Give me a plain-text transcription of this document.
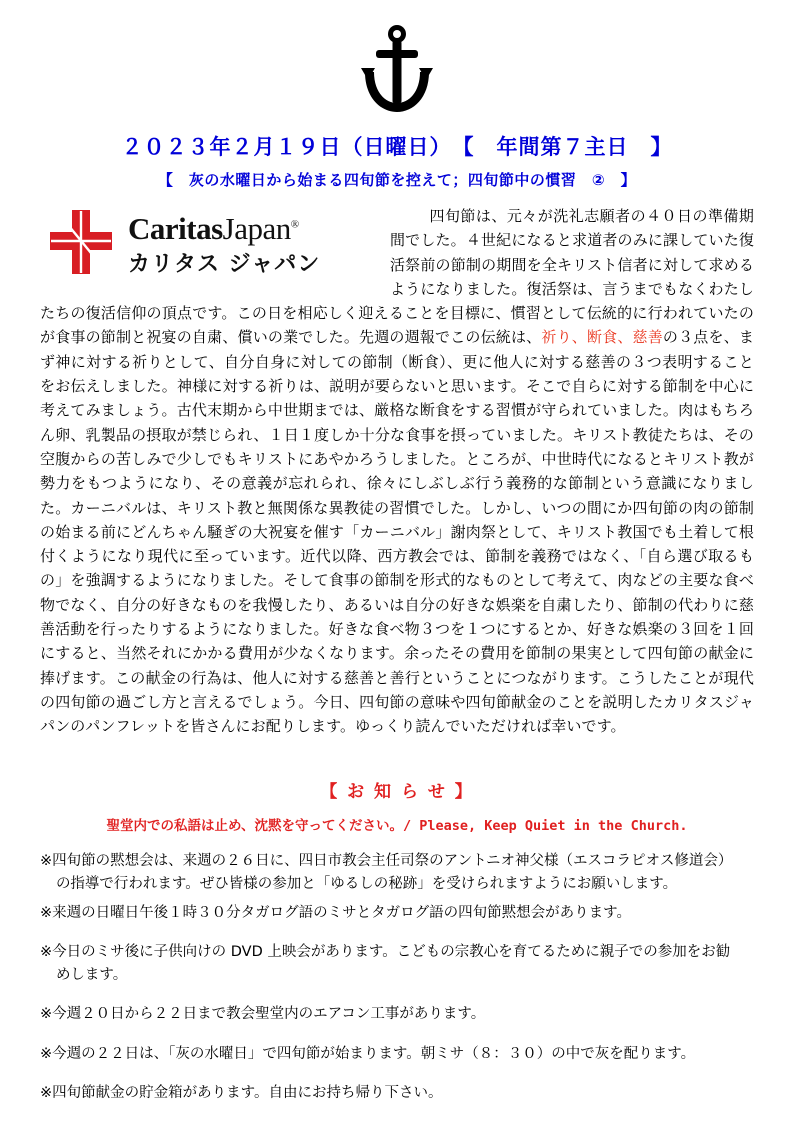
２０２３年２月１９日（日曜日）　【　年間第７主日　】
【　灰の水曜日から始まる四旬節を控えて；四旬節中の慣習　②　】
CaritasJapan®
カリタス ジャパン

　四旬節は、元々が洗礼志願者の４０日の準備期間でした。４世紀になると求道者のみに課していた復活祭前の節制の期間を全キリスト信者に対して求めるようになりました。復活祭は、言うまでもなくわたしたちの復活信仰の頂点です。この日を相応しく迎えることを目標に、慣習として伝統的に行われていたのが食事の節制と祝宴の自粛、償いの業でした。先週の週報でこの伝統は、祈り、断食、慈善の３点を、まず神に対する祈りとして、自分自身に対しての節制（断食）、更に他人に対する慈善の３つ表明することをお伝えしました。神様に対する祈りは、説明が要らないと思います。そこで自らに対する節制を中心に考えてみましょう。古代末期から中世期までは、厳格な断食をする習慣が守られていました。肉はもちろん卵、乳製品の摂取が禁じられ、１日１度しか十分な食事を摂っていました。キリスト教徒たちは、その空腹からの苦しみで少しでもキリストにあやかろうしました。ところが、中世時代になるとキリスト教が勢力をもつようになり、その意義が忘れられ、徐々にしぶしぶ行う義務的な節制という意識になりました。カーニバルは、キリスト教と無関係な異教徒の習慣でした。しかし、いつの間にか四旬節の肉の節制の始まる前にどんちゃん騒ぎの大祝宴を催す「カーニバル」謝肉祭として、キリスト教国でも土着して根付くようになり現代に至っています。近代以降、西方教会では、節制を義務ではなく、「自ら選び取るもの」を強調するようになりました。そして食事の節制を形式的なものとして考えて、肉などの主要な食べ物でなく、自分の好きなものを我慢したり、あるいは自分の好きな娯楽を自粛したり、節制の代わりに慈善活動を行ったりするようになりました。好きな食べ物３つを１つにするとか、好きな娯楽の３回を１回にすると、当然それにかかる費用が少なくなります。余ったその費用を節制の果実として四旬節の献金に捧げます。この献金の行為は、他人に対する慈善と善行ということにつながります。こうしたことが現代の四旬節の過ごし方と言えるでしょう。今日、四旬節の意味や四旬節献金のことを説明したカリタスジャパンのパンフレットを皆さんにお配りします。ゆっくり読んでいただければ幸いです。

【 お 知 ら せ 】
聖堂内での私語は止め、沈黙を守ってください。/ Please, Keep Quiet in the Church.
※四旬節の黙想会は、来週の２６日に、四日市教会主任司祭のアントニオ神父様（エスコラピオス修道会）
の指導で行われます。ぜひ皆様の参加と「ゆるしの秘跡」を受けられますようにお願いします。
※来週の日曜日午後１時３０分タガログ語のミサとタガログ語の四旬節黙想会があります。
※今日のミサ後に子供向けの DVD 上映会があります。こどもの宗教心を育てるために親子での参加をお勧
めします。
※今週２０日から２２日まで教会聖堂内のエアコン工事があります。
※今週の２２日は、「灰の水曜日」で四旬節が始まります。朝ミサ（８：３０）の中で灰を配ります。
※四旬節献金の貯金箱があります。自由にお持ち帰り下さい。
